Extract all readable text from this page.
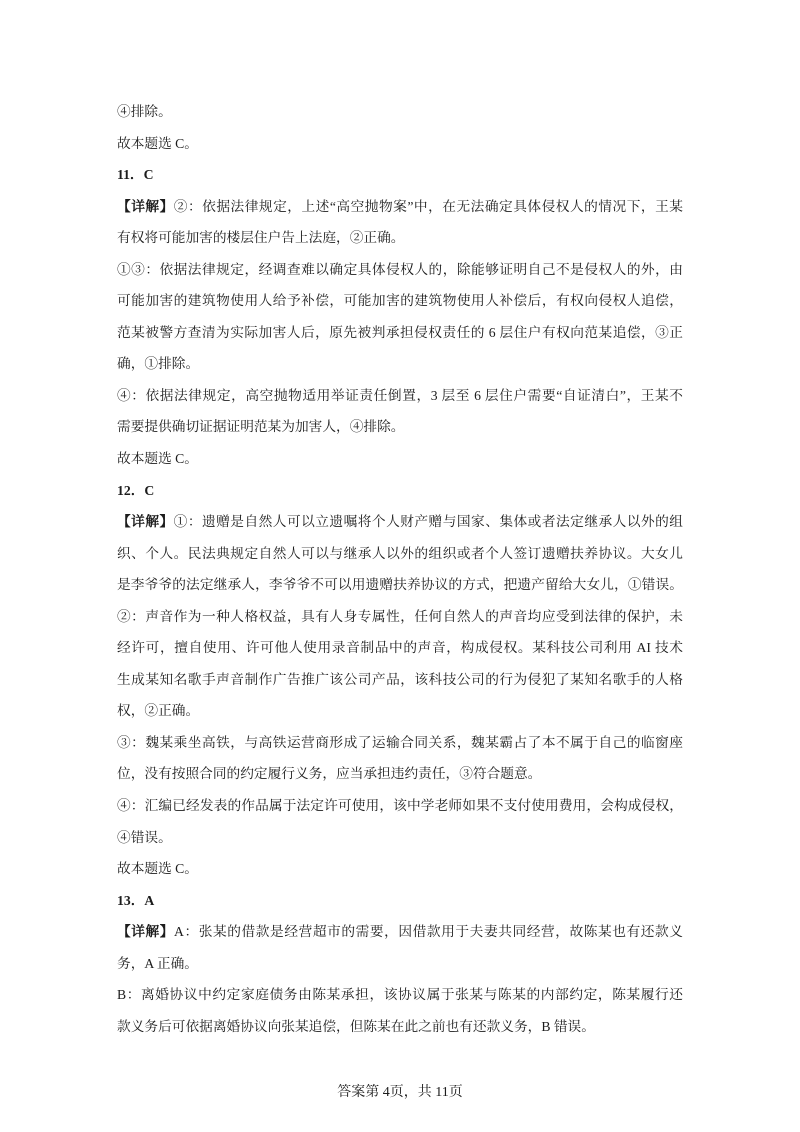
④排除。
故本题选 C。
11．C
【详解】②：依据法律规定，上述“高空抛物案”中，在无法确定具体侵权人的情况下，王某
有权将可能加害的楼层住户告上法庭，②正确。
①③：依据法律规定，经调查难以确定具体侵权人的，除能够证明自己不是侵权人的外，由
可能加害的建筑物使用人给予补偿，可能加害的建筑物使用人补偿后，有权向侵权人追偿，
范某被警方查清为实际加害人后，原先被判承担侵权责任的 6 层住户有权向范某追偿，③正
确，①排除。
④：依据法律规定，高空抛物适用举证责任倒置，3 层至 6 层住户需要“自证清白”，王某不
需要提供确切证据证明范某为加害人，④排除。
故本题选 C。
12．C
【详解】①：遗赠是自然人可以立遗嘱将个人财产赠与国家、集体或者法定继承人以外的组
织、个人。民法典规定自然人可以与继承人以外的组织或者个人签订遗赠扶养协议。大女儿
是李爷爷的法定继承人，李爷爷不可以用遗赠扶养协议的方式，把遗产留给大女儿，①错误。
②：声音作为一种人格权益，具有人身专属性，任何自然人的声音均应受到法律的保护，未
经许可，擅自使用、许可他人使用录音制品中的声音，构成侵权。某科技公司利用 AI 技术
生成某知名歌手声音制作广告推广该公司产品，该科技公司的行为侵犯了某知名歌手的人格
权，②正确。
③：魏某乘坐高铁，与高铁运营商形成了运输合同关系，魏某霸占了本不属于自己的临窗座
位，没有按照合同的约定履行义务，应当承担违约责任，③符合题意。
④：汇编已经发表的作品属于法定许可使用，该中学老师如果不支付使用费用，会构成侵权，
④错误。
故本题选 C。
13．A
【详解】A：张某的借款是经营超市的需要，因借款用于夫妻共同经营，故陈某也有还款义
务，A 正确。
B：离婚协议中约定家庭债务由陈某承担，该协议属于张某与陈某的内部约定，陈某履行还
款义务后可依据离婚协议向张某追偿，但陈某在此之前也有还款义务，B 错误。
答案第 4页，共 11页
